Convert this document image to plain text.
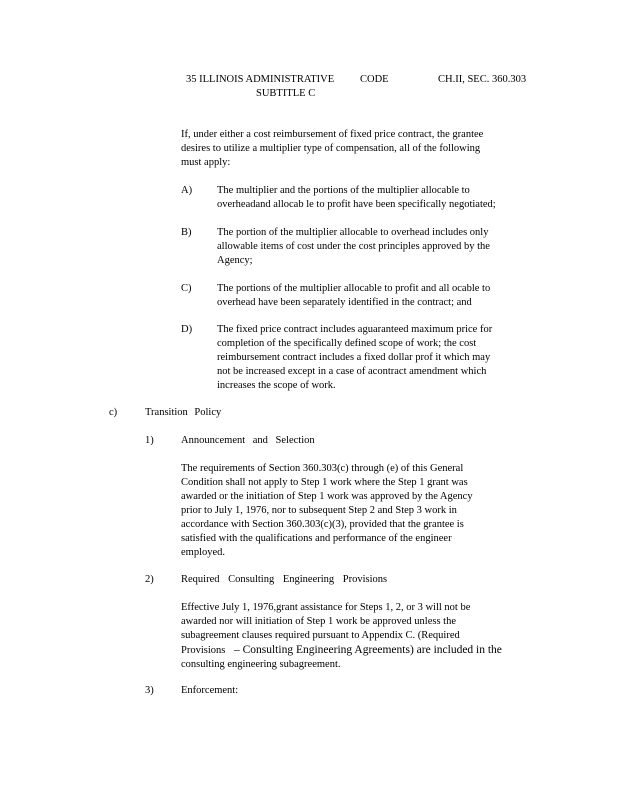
35 ILLINOIS ADMINISTRATIVE CODE	CH.II, SEC. 360.303
SUBTITLE C
If, under either a cost reimbursement of fixed price contract, the grantee
desires to utilize a multiplier type of compensation, all of the following
must apply:
A) The multiplier and the portions of the multiplier allocable to
overheadand allocab le to profit have been specifically negotiated;
B) The portion of the multiplier allocable to overhead includes only
allowable items of cost under the cost principles approved by the
Agency;
C) The portions of the multiplier allocable to profit and all ocable to
overhead have been separately identified in the contract; and
D) The fixed price contract includes aguaranteed maximum price for
completion of the specifically defined scope of work; the cost
reimbursement contract includes a fixed dollar prof it which may
not be increased except in a case of acontract amendment which
increases the scope of work.
c)	Transition Policy
1)	Announcement and Selection
The requirements of Section 360.303(c) through (e) of this General
Condition shall not apply to Step 1 work where the Step 1 grant was
awarded or the initiation of Step 1 work was approved by the Agency
prior to July 1, 1976, nor to subsequent Step 2 and Step 3 work in
accordance with Section 360.303(c)(3), provided that the grantee is
satisfied with the qualifications and performance of the engineer
employed.
2)	Required Consulting Engineering Provisions
Effective July 1, 1976,grant assistance for Steps 1, 2, or 3 will not be
awarded nor will initiation of Step 1 work be approved unless the
subagreement clauses required pursuant to Appendix C. (Required
Provisions – Consulting Engineering Agreements) are included in the
consulting engineering subagreement.
3)	Enforcement:
